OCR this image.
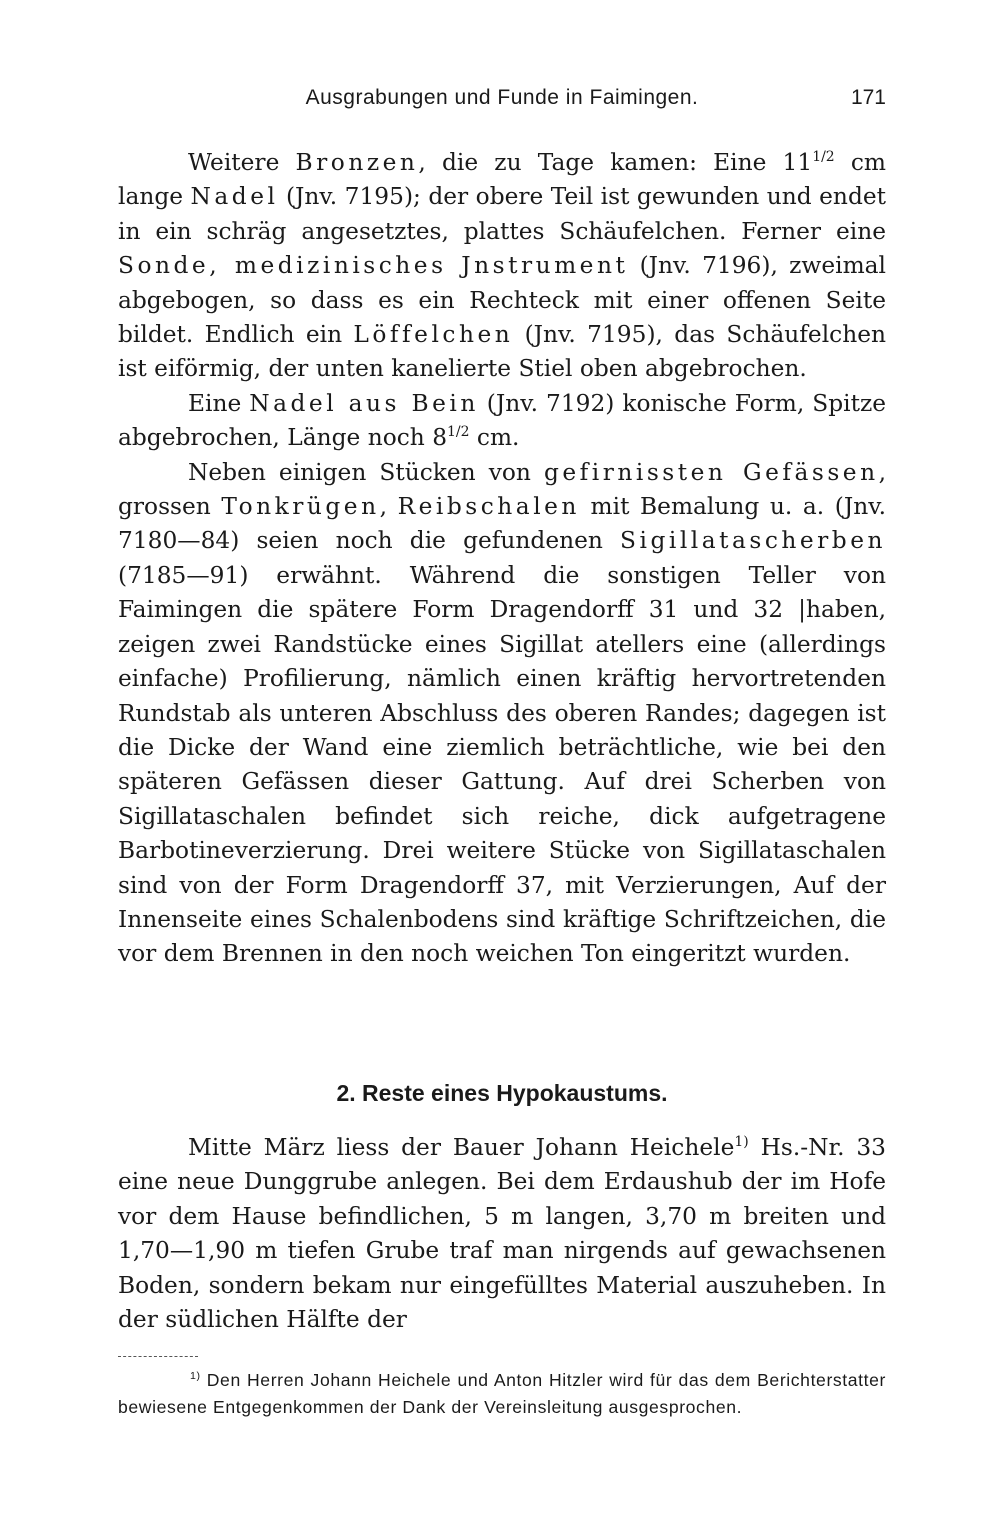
Ausgrabungen und Funde in Faimingen.	171

Weitere Bronzen, die zu Tage kamen: Eine $11^{1/2}$ cm lange Nadel (Jnv. 7195); der obere Teil ist gewunden und endet in ein schräg angesetztes, plattes Schäufelchen. Ferner eine Sonde, medizinisches Jnstrument (Jnv. 7196), zweimal abgebogen, so dass es ein Rechteck mit einer offenen Seite bildet. Endlich ein Löffelchen (Jnv. 7195), das Schäufelchen ist eiförmig, der unten kanelierte Stiel oben abgebrochen.

Eine Nadel aus Bein (Jnv. 7192) konische Form, Spitze abgebrochen, Länge noch $8^{1/2}$ cm.

Neben einigen Stücken von gefirnissten Gefässen, grossen Tonkrügen, Reibschalen mit Bemalung u. a. (Jnv. 7180—84) seien noch die gefundenen Sigillatascherben (7185—91) erwähnt. Während die sonstigen Teller von Faimingen die spätere Form Dragendorff 31 und 32 |haben, zeigen zwei Randstücke eines Sigillat atellers eine (allerdings einfache) Profilierung, nämlich einen kräftig hervortretenden Rundstab als unteren Abschluss des oberen Randes; dagegen ist die Dicke der Wand eine ziemlich beträchtliche, wie bei den späteren Gefässen dieser Gattung. Auf drei Scherben von Sigillataschalen befindet sich reiche, dick aufgetragene Barbotineverzierung. Drei weitere Stücke von Sigillataschalen sind von der Form Dragendorff 37, mit Verzierungen, Auf der Innenseite eines Schalenbodens sind kräftige Schriftzeichen, die vor dem Brennen in den noch weichen Ton eingeritzt wurden.

2. Reste eines Hypokaustums.

Mitte März liess der Bauer Johann Heichele$^{1)}$ Hs.-Nr. 33 eine neue Dunggrube anlegen. Bei dem Erdaushub der im Hofe vor dem Hause befindlichen, 5 m langen, 3,70 m breiten und 1,70—1,90 m tiefen Grube traf man nirgends auf gewachsenen Boden, sondern bekam nur eingefülltes Material auszuheben. In der südlichen Hälfte der

$^{1)}$ Den Herren Johann Heichele und Anton Hitzler wird für das dem Berichterstatter bewiesene Entgegenkommen der Dank der Vereinsleitung ausgesprochen.
